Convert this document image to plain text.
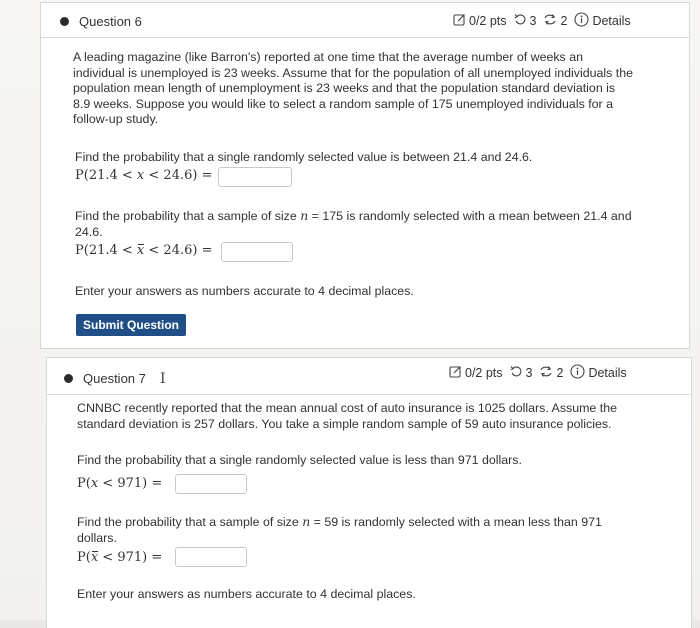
Question 6	0/2 pts 3 2 Details
A leading magazine (like Barron's) reported at one time that the average number of weeks an individual is unemployed is 23 weeks. Assume that for the population of all unemployed individuals the population mean length of unemployment is 23 weeks and that the population standard deviation is 8.9 weeks. Suppose you would like to select a random sample of 175 unemployed individuals for a follow-up study.
Find the probability that a single randomly selected value is between 21.4 and 24.6.
P(21.4 < x < 24.6) =
Find the probability that a sample of size n = 175 is randomly selected with a mean between 21.4 and 24.6.
P(21.4 < x < 24.6) =
Enter your answers as numbers accurate to 4 decimal places.
Submit Question
Question 7 I	0/2 pts 3 2 Details
CNNBC recently reported that the mean annual cost of auto insurance is 1025 dollars. Assume the standard deviation is 257 dollars. You take a simple random sample of 59 auto insurance policies.
Find the probability that a single randomly selected value is less than 971 dollars.
P(x < 971) =
Find the probability that a sample of size n = 59 is randomly selected with a mean less than 971 dollars.
P(x < 971) =
Enter your answers as numbers accurate to 4 decimal places.
